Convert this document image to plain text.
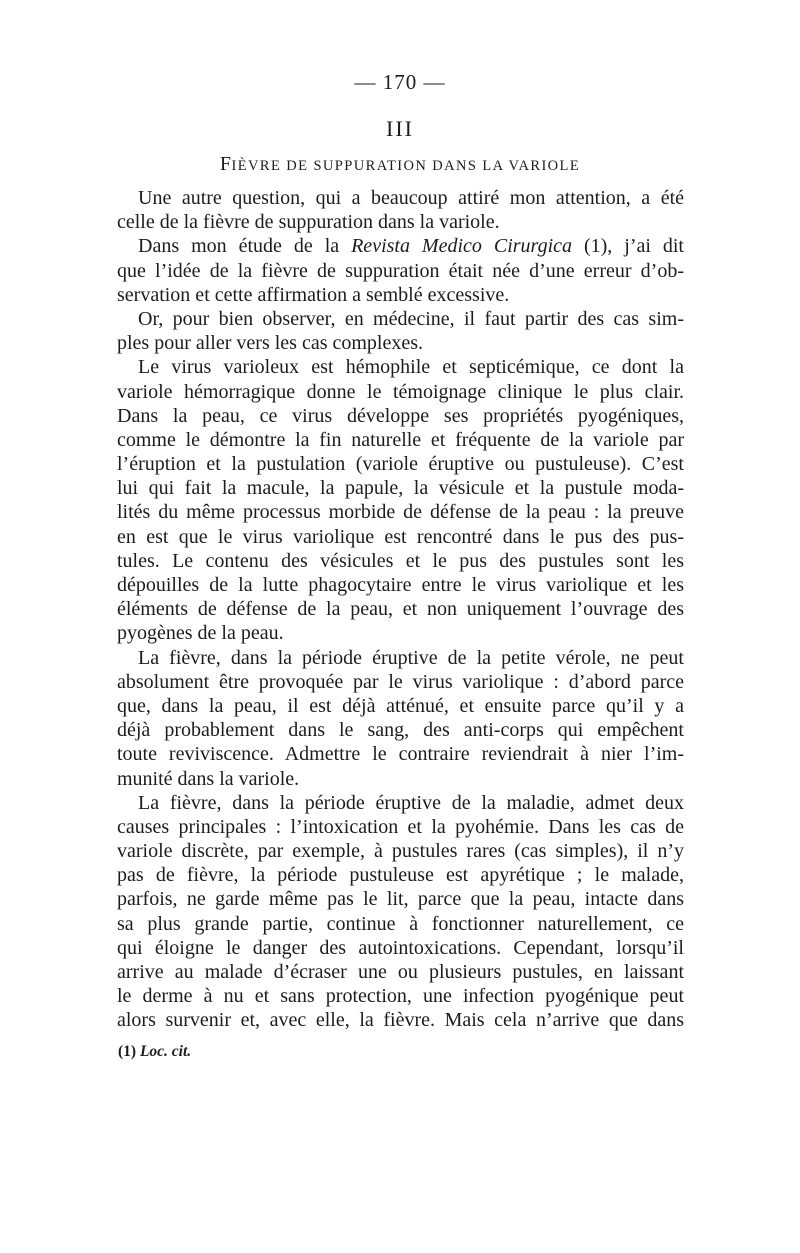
— 170 —
III
FIÈVRE DE SUPPURATION DANS LA VARIOLE
Une autre question, qui a beaucoup attiré mon attention, a été
celle de la fièvre de suppuration dans la variole.
Dans mon étude de la Revista Medico Cirurgica (1), j’ai dit
que l’idée de la fièvre de suppuration était née d’une erreur d’ob-
servation et cette affirmation a semblé excessive.
Or, pour bien observer, en médecine, il faut partir des cas sim-
ples pour aller vers les cas complexes.
Le virus varioleux est hémophile et septicémique, ce dont la
variole hémorragique donne le témoignage clinique le plus clair.
Dans la peau, ce virus développe ses propriétés pyogéniques,
comme le démontre la fin naturelle et fréquente de la variole par
l’éruption et la pustulation (variole éruptive ou pustuleuse). C’est
lui qui fait la macule, la papule, la vésicule et la pustule moda-
lités du même processus morbide de défense de la peau : la preuve
en est que le virus variolique est rencontré dans le pus des pus-
tules. Le contenu des vésicules et le pus des pustules sont les
dépouilles de la lutte phagocytaire entre le virus variolique et les
éléments de défense de la peau, et non uniquement l’ouvrage des
pyogènes de la peau.
La fièvre, dans la période éruptive de la petite vérole, ne peut
absolument être provoquée par le virus variolique : d’abord parce
que, dans la peau, il est déjà atténué, et ensuite parce qu’il y a
déjà probablement dans le sang, des anti-corps qui empêchent
toute reviviscence. Admettre le contraire reviendrait à nier l’im-
munité dans la variole.
La fièvre, dans la période éruptive de la maladie, admet deux
causes principales : l’intoxication et la pyohémie. Dans les cas de
variole discrète, par exemple, à pustules rares (cas simples), il n’y
pas de fièvre, la période pustuleuse est apyrétique ; le malade,
parfois, ne garde même pas le lit, parce que la peau, intacte dans
sa plus grande partie, continue à fonctionner naturellement, ce
qui éloigne le danger des autointoxications. Cependant, lorsqu’il
arrive au malade d’écraser une ou plusieurs pustules, en laissant
le derme à nu et sans protection, une infection pyogénique peut
alors survenir et, avec elle, la fièvre. Mais cela n’arrive que dans
(1) Loc. cit.
